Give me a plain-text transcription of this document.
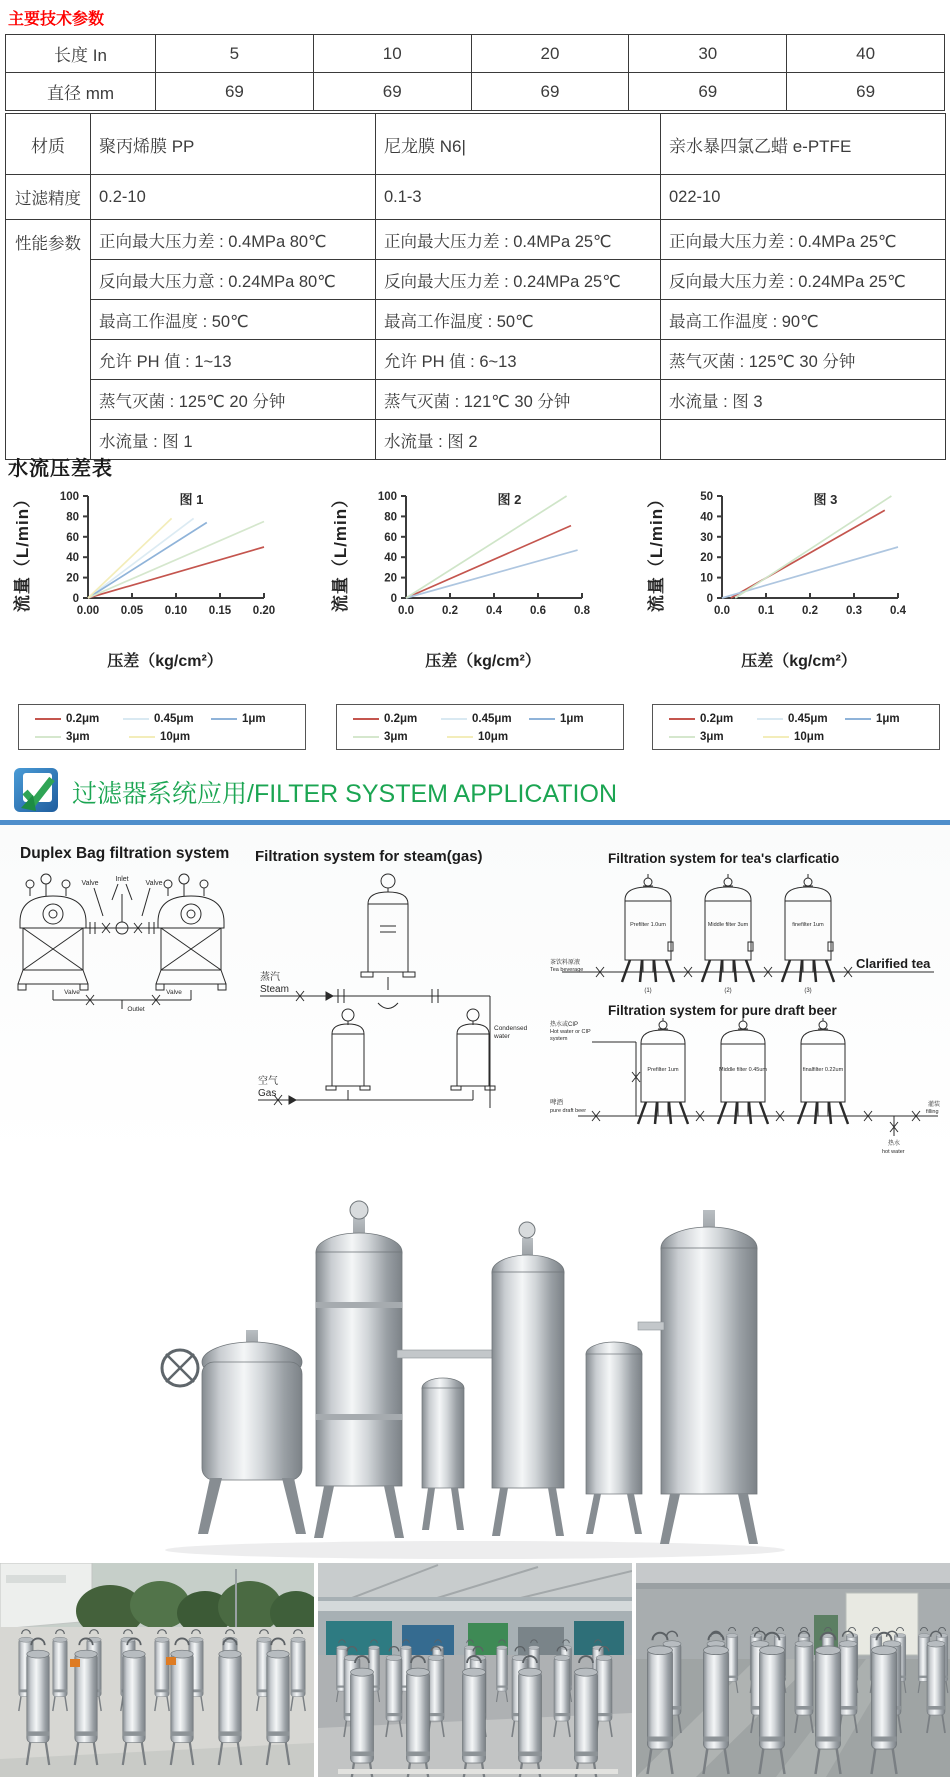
主要技术参数
长度 In	5	10	20	30	40
直径 mm	69	69	69	69	69
材质	聚丙烯膜 PP	尼龙膜 N6|	亲水暴四氯乙蜡 e-PTFE
过滤精度	0.2-10	0.1-3	022-10
性能参数	正向最大压力差 : 0.4MPa 80℃	正向最大压力差 : 0.4MPa 25℃	正向最大压力差 : 0.4MPa 25℃
	反向最大压力意 : 0.24MPa 80℃	反向最大压力差 : 0.24MPa 25℃	反向最大压力差 : 0.24MPa 25℃
	最高工作温度 : 50℃	最高工作温度 : 50℃	最高工作温度 : 90℃
	允许 PH 值 : 1~13	允许 PH 值 : 6~13	蒸气灭菌 : 125℃ 30 分钟
	蒸气灭菌 : 125℃ 20 分钟	蒸气灭菌 : 121℃ 30 分钟	水流量 : 图 3
	水流量 : 图 1	水流量 : 图 2	
水流压差表
流量（L/min）	0
20
40
60
80
100
0.00 0.05 0.10 0.15 0.20
图 1
压差（kg/cm²）
0.2μm	0.45μm	1μm
3μm	10μm
流量（L/min）	0
20
40
60
80
100
0.0 0.2 0.4 0.6 0.8
图 2
压差（kg/cm²）
0.2μm	0.45μm	1μm
3μm	10μm
流量（L/min）	0
10
20
30
40
50
0.0 0.1 0.2 0.3 0.4
图 3
压差（kg/cm²）
0.2μm	0.45μm	1μm
3μm	10μm
过滤器系统应用/FILTER SYSTEM APPLICATION
Duplex Bag filtration system Filtration system for steam(gas)	Filtration system for tea's clarficatio
Filtration system for pure draft beer
Inlet
Valve	Valve
Valve	Valve
Outlet
蒸汽
Steam
空气
Gas
Condensed
water
Prefilter 1.0um	Middle filter 3um	finefilter 1um
茶饮料原液
Tea beverage	Clarified tea
(1)	(2)	(3)
Prefilter 1um	Middle filter 0.45um	finalfilter 0.22um
热水或CIP
Hot water or CIP
system
啤酒
pure draft beer
灌装
filling
热水
hot water
